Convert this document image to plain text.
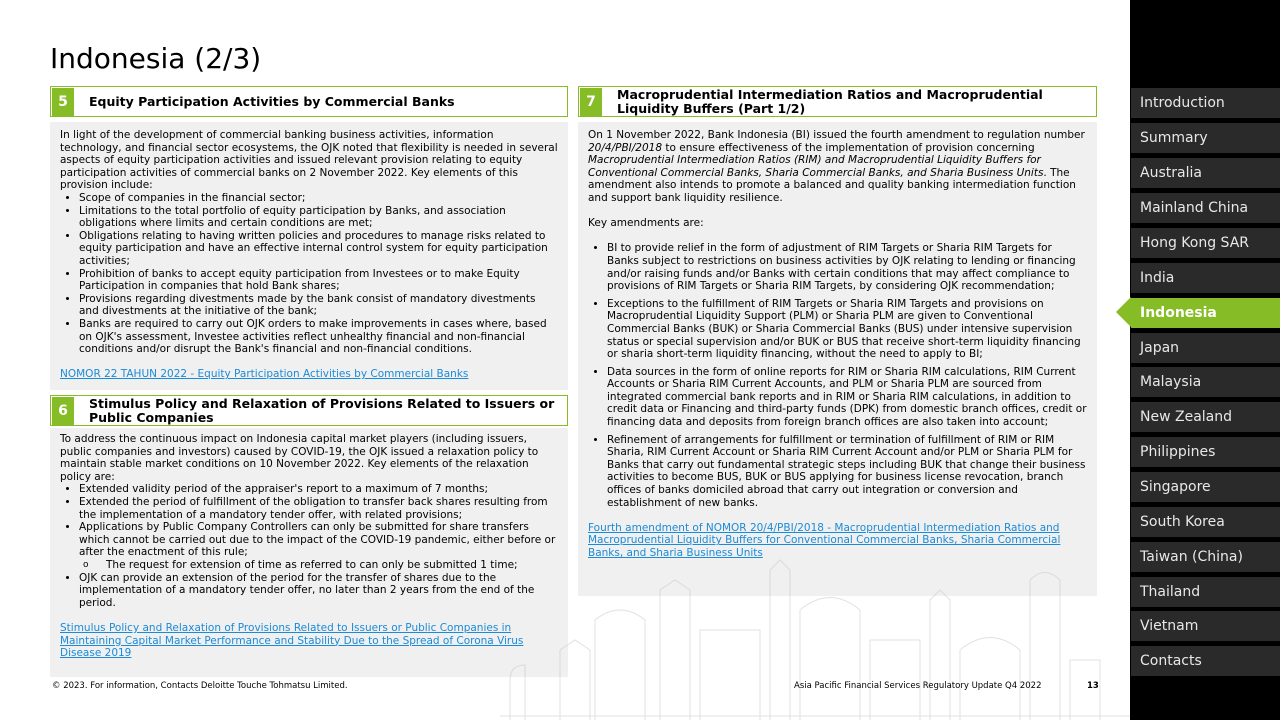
Indonesia (2/3)
5	Equity Participation Activities by Commercial Banks

In light of the development of commercial banking business activities, information technology, and financial sector ecosystems, the OJK noted that flexibility is needed in several aspects of equity participation activities and issued relevant provision relating to equity participation activities of commercial banks on 2 November 2022. Key elements of this provision include:

• Scope of companies in the financial sector;
• Limitations to the total portfolio of equity participation by Banks, and association obligations where limits and certain conditions are met;
• Obligations relating to having written policies and procedures to manage risks related to equity participation and have an effective internal control system for equity participation activities;
• Prohibition of banks to accept equity participation from Investees or to make Equity Participation in companies that hold Bank shares;
• Provisions regarding divestments made by the bank consist of mandatory divestments and divestments at the initiative of the bank;
• Banks are required to carry out OJK orders to make improvements in cases where, based on OJK's assessment, Investee activities reflect unhealthy financial and non-financial conditions and/or disrupt the Bank's financial and non-financial conditions.
NOMOR 22 TAHUN 2022 - Equity Participation Activities by Commercial Banks
6	Stimulus Policy and Relaxation of Provisions Related to Issuers or Public Companies

To address the continuous impact on Indonesia capital market players (including issuers, public companies and investors) caused by COVID-19, the OJK issued a relaxation policy to maintain stable market conditions on 10 November 2022. Key elements of the relaxation policy are:

• Extended validity period of the appraiser's report to a maximum of 7 months;
• Extended the period of fulfillment of the obligation to transfer back shares resulting from the implementation of a mandatory tender offer, with related provisions;
• Applications by Public Company Controllers can only be submitted for share transfers which cannot be carried out due to the impact of the COVID-19 pandemic, either before or after the enactment of this rule;
o The request for extension of time as referred to can only be submitted 1 time;
• OJK can provide an extension of the period for the transfer of shares due to the implementation of a mandatory tender offer, no later than 2 years from the end of the period.
Stimulus Policy and Relaxation of Provisions Related to Issuers or Public Companies in Maintaining Capital Market Performance and Stability Due to the Spread of Corona Virus Disease 2019
7	Macroprudential Intermediation Ratios and Macroprudential Liquidity Buffers (Part 1/2)

On 1 November 2022, Bank Indonesia (BI) issued the fourth amendment to regulation number 20/4/PBI/2018 to ensure effectiveness of the implementation of provision concerning Macroprudential Intermediation Ratios (RIM) and Macroprudential Liquidity Buffers for Conventional Commercial Banks, Sharia Commercial Banks, and Sharia Business Units. The amendment also intends to promote a balanced and quality banking intermediation function and support bank liquidity resilience.

Key amendments are:

• BI to provide relief in the form of adjustment of RIM Targets or Sharia RIM Targets for Banks subject to restrictions on business activities by OJK relating to lending or financing and/or raising funds and/or Banks with certain conditions that may affect compliance to provisions of RIM Targets or Sharia RIM Targets, by considering OJK recommendation;
• Exceptions to the fulfillment of RIM Targets or Sharia RIM Targets and provisions on Macroprudential Liquidity Support (PLM) or Sharia PLM are given to Conventional Commercial Banks (BUK) or Sharia Commercial Banks (BUS) under intensive supervision status or special supervision and/or BUK or BUS that receive short-term liquidity financing or sharia short-term liquidity financing, without the need to apply to BI;
• Data sources in the form of online reports for RIM or Sharia RIM calculations, RIM Current Accounts or Sharia RIM Current Accounts, and PLM or Sharia PLM are sourced from integrated commercial bank reports and in RIM or Sharia RIM calculations, in addition to credit data or Financing and third-party funds (DPK) from domestic branch offices, credit or financing data and deposits from foreign branch offices are also taken into account;
• Refinement of arrangements for fulfillment or termination of fulfillment of RIM or RIM Sharia, RIM Current Account or Sharia RIM Current Account and/or PLM or Sharia PLM for Banks that carry out fundamental strategic steps including BUK that change their business activities to become BUS, BUK or BUS applying for business license revocation, branch offices of banks domiciled abroad that carry out integration or conversion and establishment of new banks.
Fourth amendment of NOMOR 20/4/PBI/2018 - Macroprudential Intermediation Ratios and Macroprudential Liquidity Buffers for Conventional Commercial Banks, Sharia Commercial Banks, and Sharia Business Units
© 2023. For information, Contacts Deloitte Touche Tohmatsu Limited.	Asia Pacific Financial Services Regulatory Update Q4 2022	13
Introduction
Summary
Australia
Mainland China
Hong Kong SAR
India
Indonesia
Japan
Malaysia
New Zealand
Philippines
Singapore
South Korea
Taiwan (China)
Thailand
Vietnam
Contacts
